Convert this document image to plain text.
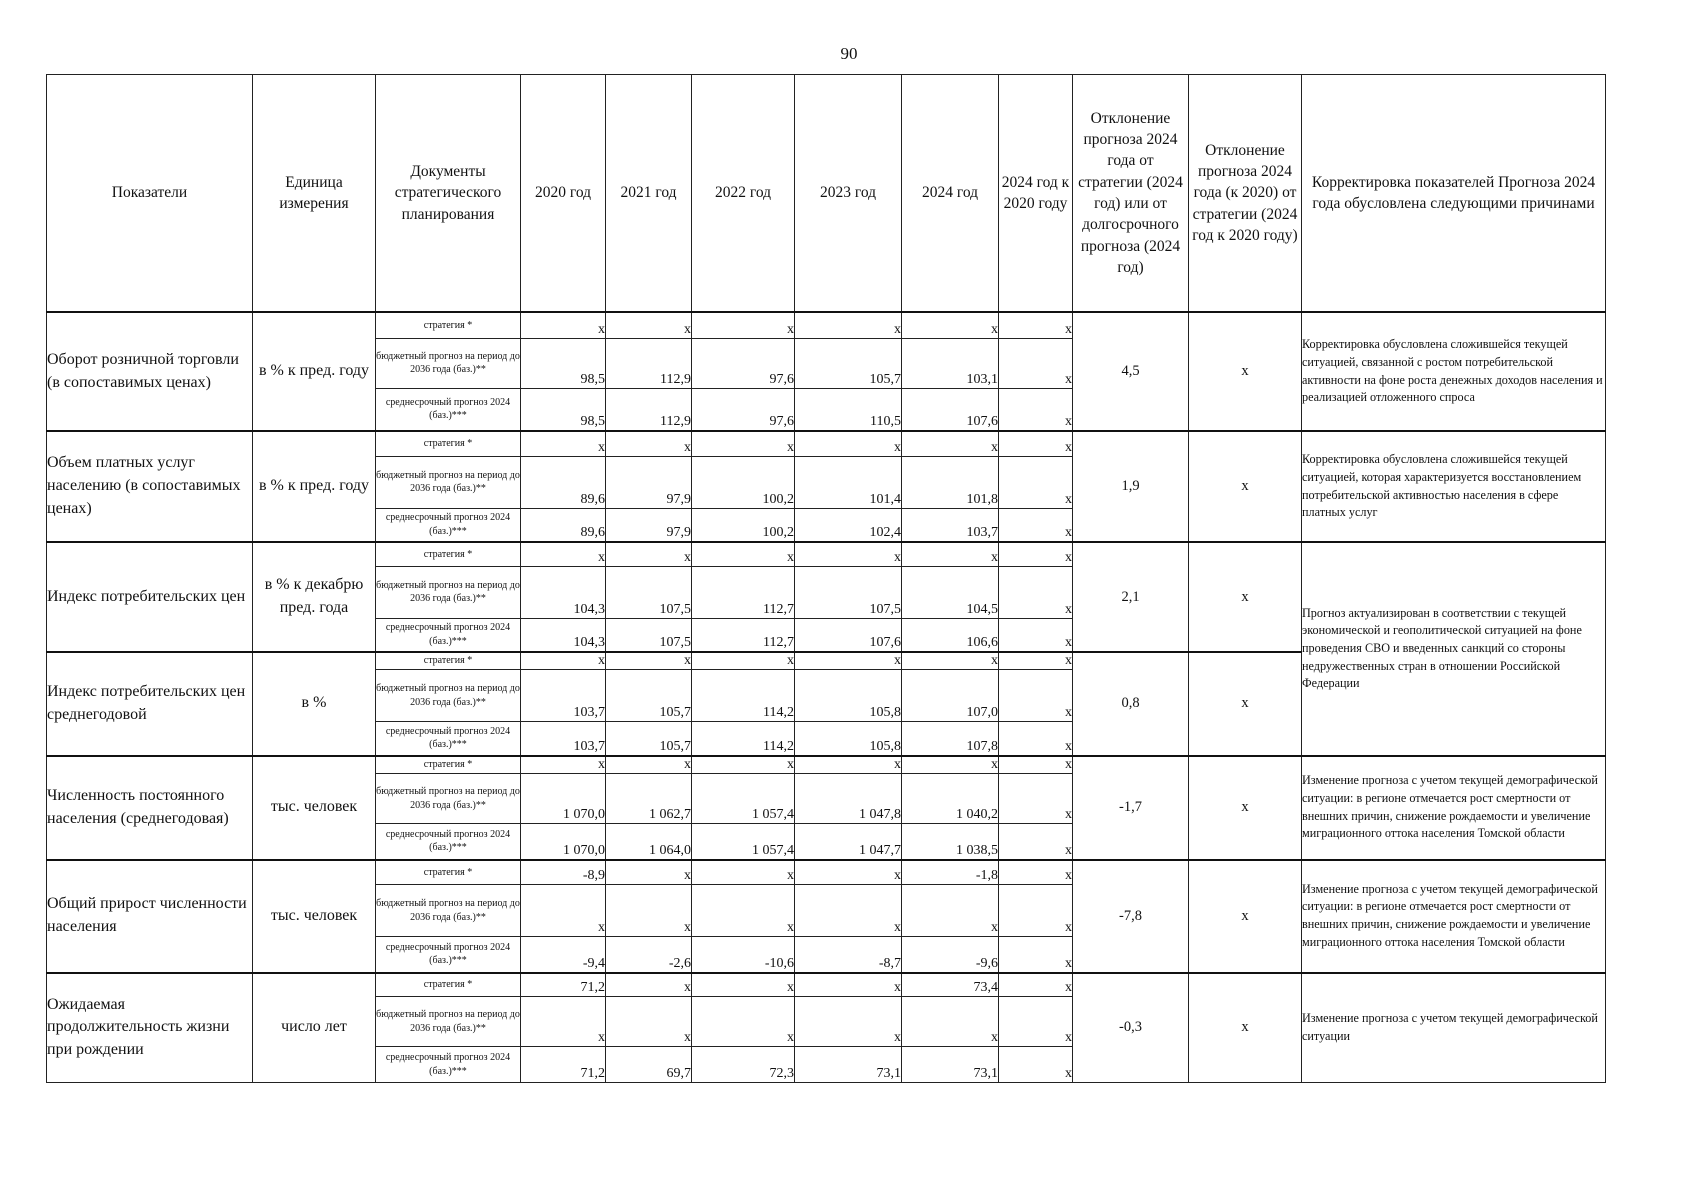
90
Показатели	Единица измерения	Документы стратегического планирования	2020 год	2021 год	2022 год	2023 год	2024 год	2024 год к 2020 году	Отклонение прогноза 2024 года от стратегии (2024 год) или от долгосрочного прогноза (2024 год)	Отклонение прогноза 2024 года (к 2020) от стратегии (2024 год к 2020 году)	Корректировка показателей Прогноза 2024 года обусловлена следующими причинами
Оборот розничной торговли (в сопоставимых ценах)	в % к пред. году	стратегия *	x	x	x	x	x	x	4,5	x	Корректировка обусловлена сложившейся текущей ситуацией, связанной с ростом потребительской активности на фоне роста денежных доходов населения и реализацией отложенного спроса
		бюджетный прогноз на период до 2036 года (баз.)**	98,5	112,9	97,6	105,7	103,1	x			
		среднесрочный прогноз 2024 (баз.)***	98,5	112,9	97,6	110,5	107,6	x			
Объем платных услуг населению (в сопоставимых ценах)	в % к пред. году	стратегия *	x	x	x	x	x	x	1,9	x	Корректировка обусловлена сложившейся текущей ситуацией, которая характеризуется восстановлением потребительской активностью населения в сфере платных услуг
		бюджетный прогноз на период до 2036 года (баз.)**	89,6	97,9	100,2	101,4	101,8	x			
		среднесрочный прогноз 2024 (баз.)***	89,6	97,9	100,2	102,4	103,7	x			
Индекс потребительских цен	в % к декабрю пред. года	стратегия *	x	x	x	x	x	x	2,1	x	Прогноз актуализирован в соответствии с текущей экономической и геополитической ситуацией на фоне проведения СВО и введенных санкций со стороны недружественных стран в отношении Российской Федерации
		бюджетный прогноз на период до 2036 года (баз.)**	104,3	107,5	112,7	107,5	104,5	x			
		среднесрочный прогноз 2024 (баз.)***	104,3	107,5	112,7	107,6	106,6	x			
Индекс потребительских цен среднегодовой	в %	стратегия *	x	x	x	x	x	x	0,8	x	
		бюджетный прогноз на период до 2036 года (баз.)**	103,7	105,7	114,2	105,8	107,0	x			
		среднесрочный прогноз 2024 (баз.)***	103,7	105,7	114,2	105,8	107,8	x			
Численность постоянного населения (среднегодовая)	тыс. человек	стратегия *	x	x	x	x	x	x	-1,7	x	Изменение прогноза с учетом текущей демографической ситуации: в регионе отмечается рост смертности от внешних причин, снижение рождаемости и увеличение миграционного оттока населения Томской области
		бюджетный прогноз на период до 2036 года (баз.)**	1 070,0	1 062,7	1 057,4	1 047,8	1 040,2	x			
		среднесрочный прогноз 2024 (баз.)***	1 070,0	1 064,0	1 057,4	1 047,7	1 038,5	x			
Общий прирост численности населения	тыс. человек	стратегия *	-8,9	x	x	x	-1,8	x	-7,8	x	Изменение прогноза с учетом текущей демографической ситуации: в регионе отмечается рост смертности от внешних причин, снижение рождаемости и увеличение миграционного оттока населения Томской области
		бюджетный прогноз на период до 2036 года (баз.)**	x	x	x	x	x	x			
		среднесрочный прогноз 2024 (баз.)***	-9,4	-2,6	-10,6	-8,7	-9,6	x			
Ожидаемая продолжительность жизни при рождении	число лет	стратегия *	71,2	x	x	x	73,4	x	-0,3	x	Изменение прогноза с учетом текущей демографической ситуации
		бюджетный прогноз на период до 2036 года (баз.)**	x	x	x	x	x	x			
		среднесрочный прогноз 2024 (баз.)***	71,2	69,7	72,3	73,1	73,1	x			
